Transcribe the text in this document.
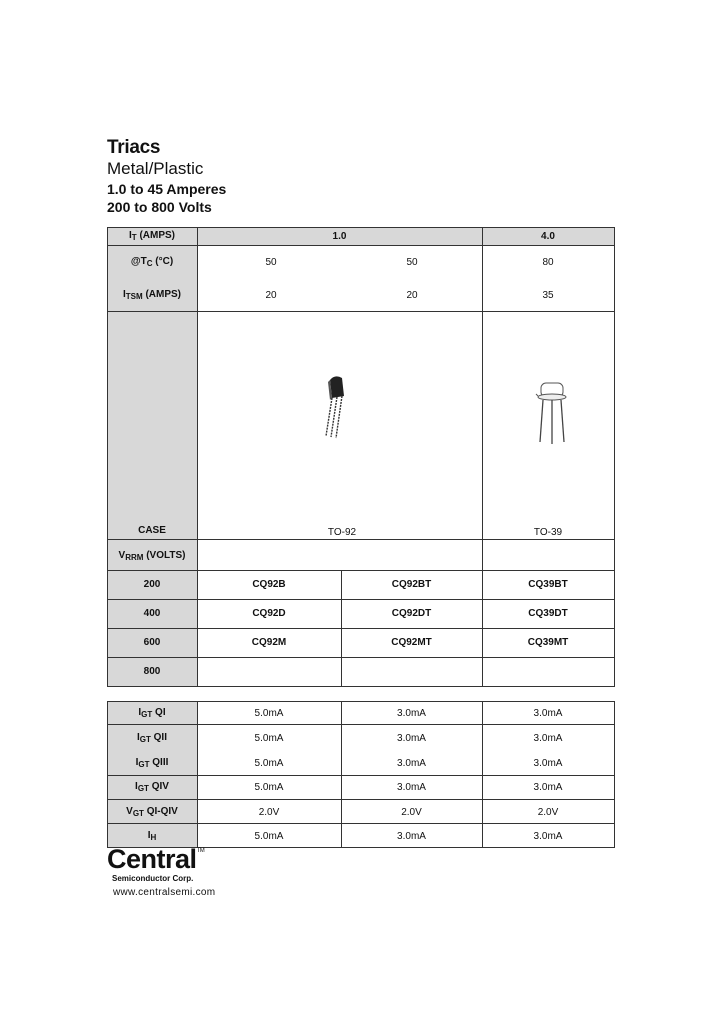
Triacs
Metal/Plastic
1.0 to 45 Amperes
200 to 800 Volts
$I_T$ (AMPS)	1.0	4.0
$@T_C$ (°C)	50	50	80
$I_{TSM}$ (AMPS)	20	20	35
CASE	TO-92	TO-39
$V_{RRM}$ (VOLTS)
200	CQ92B	CQ92BT	CQ39BT
400	CQ92D	CQ92DT	CQ39DT
600	CQ92M	CQ92MT	CQ39MT
800
$I_{GT}$ QI	5.0mA	3.0mA	3.0mA
$I_{GT}$ QII	5.0mA	3.0mA	3.0mA
$I_{GT}$ QIII	5.0mA	3.0mA	3.0mA
$I_{GT}$ QIV	5.0mA	3.0mA	3.0mA
$V_{GT}$ QI-QIV	2.0V	2.0V	2.0V
$I_H$	5.0mA	3.0mA	3.0mA
Central™
Semiconductor Corp.
www.centralsemi.com
